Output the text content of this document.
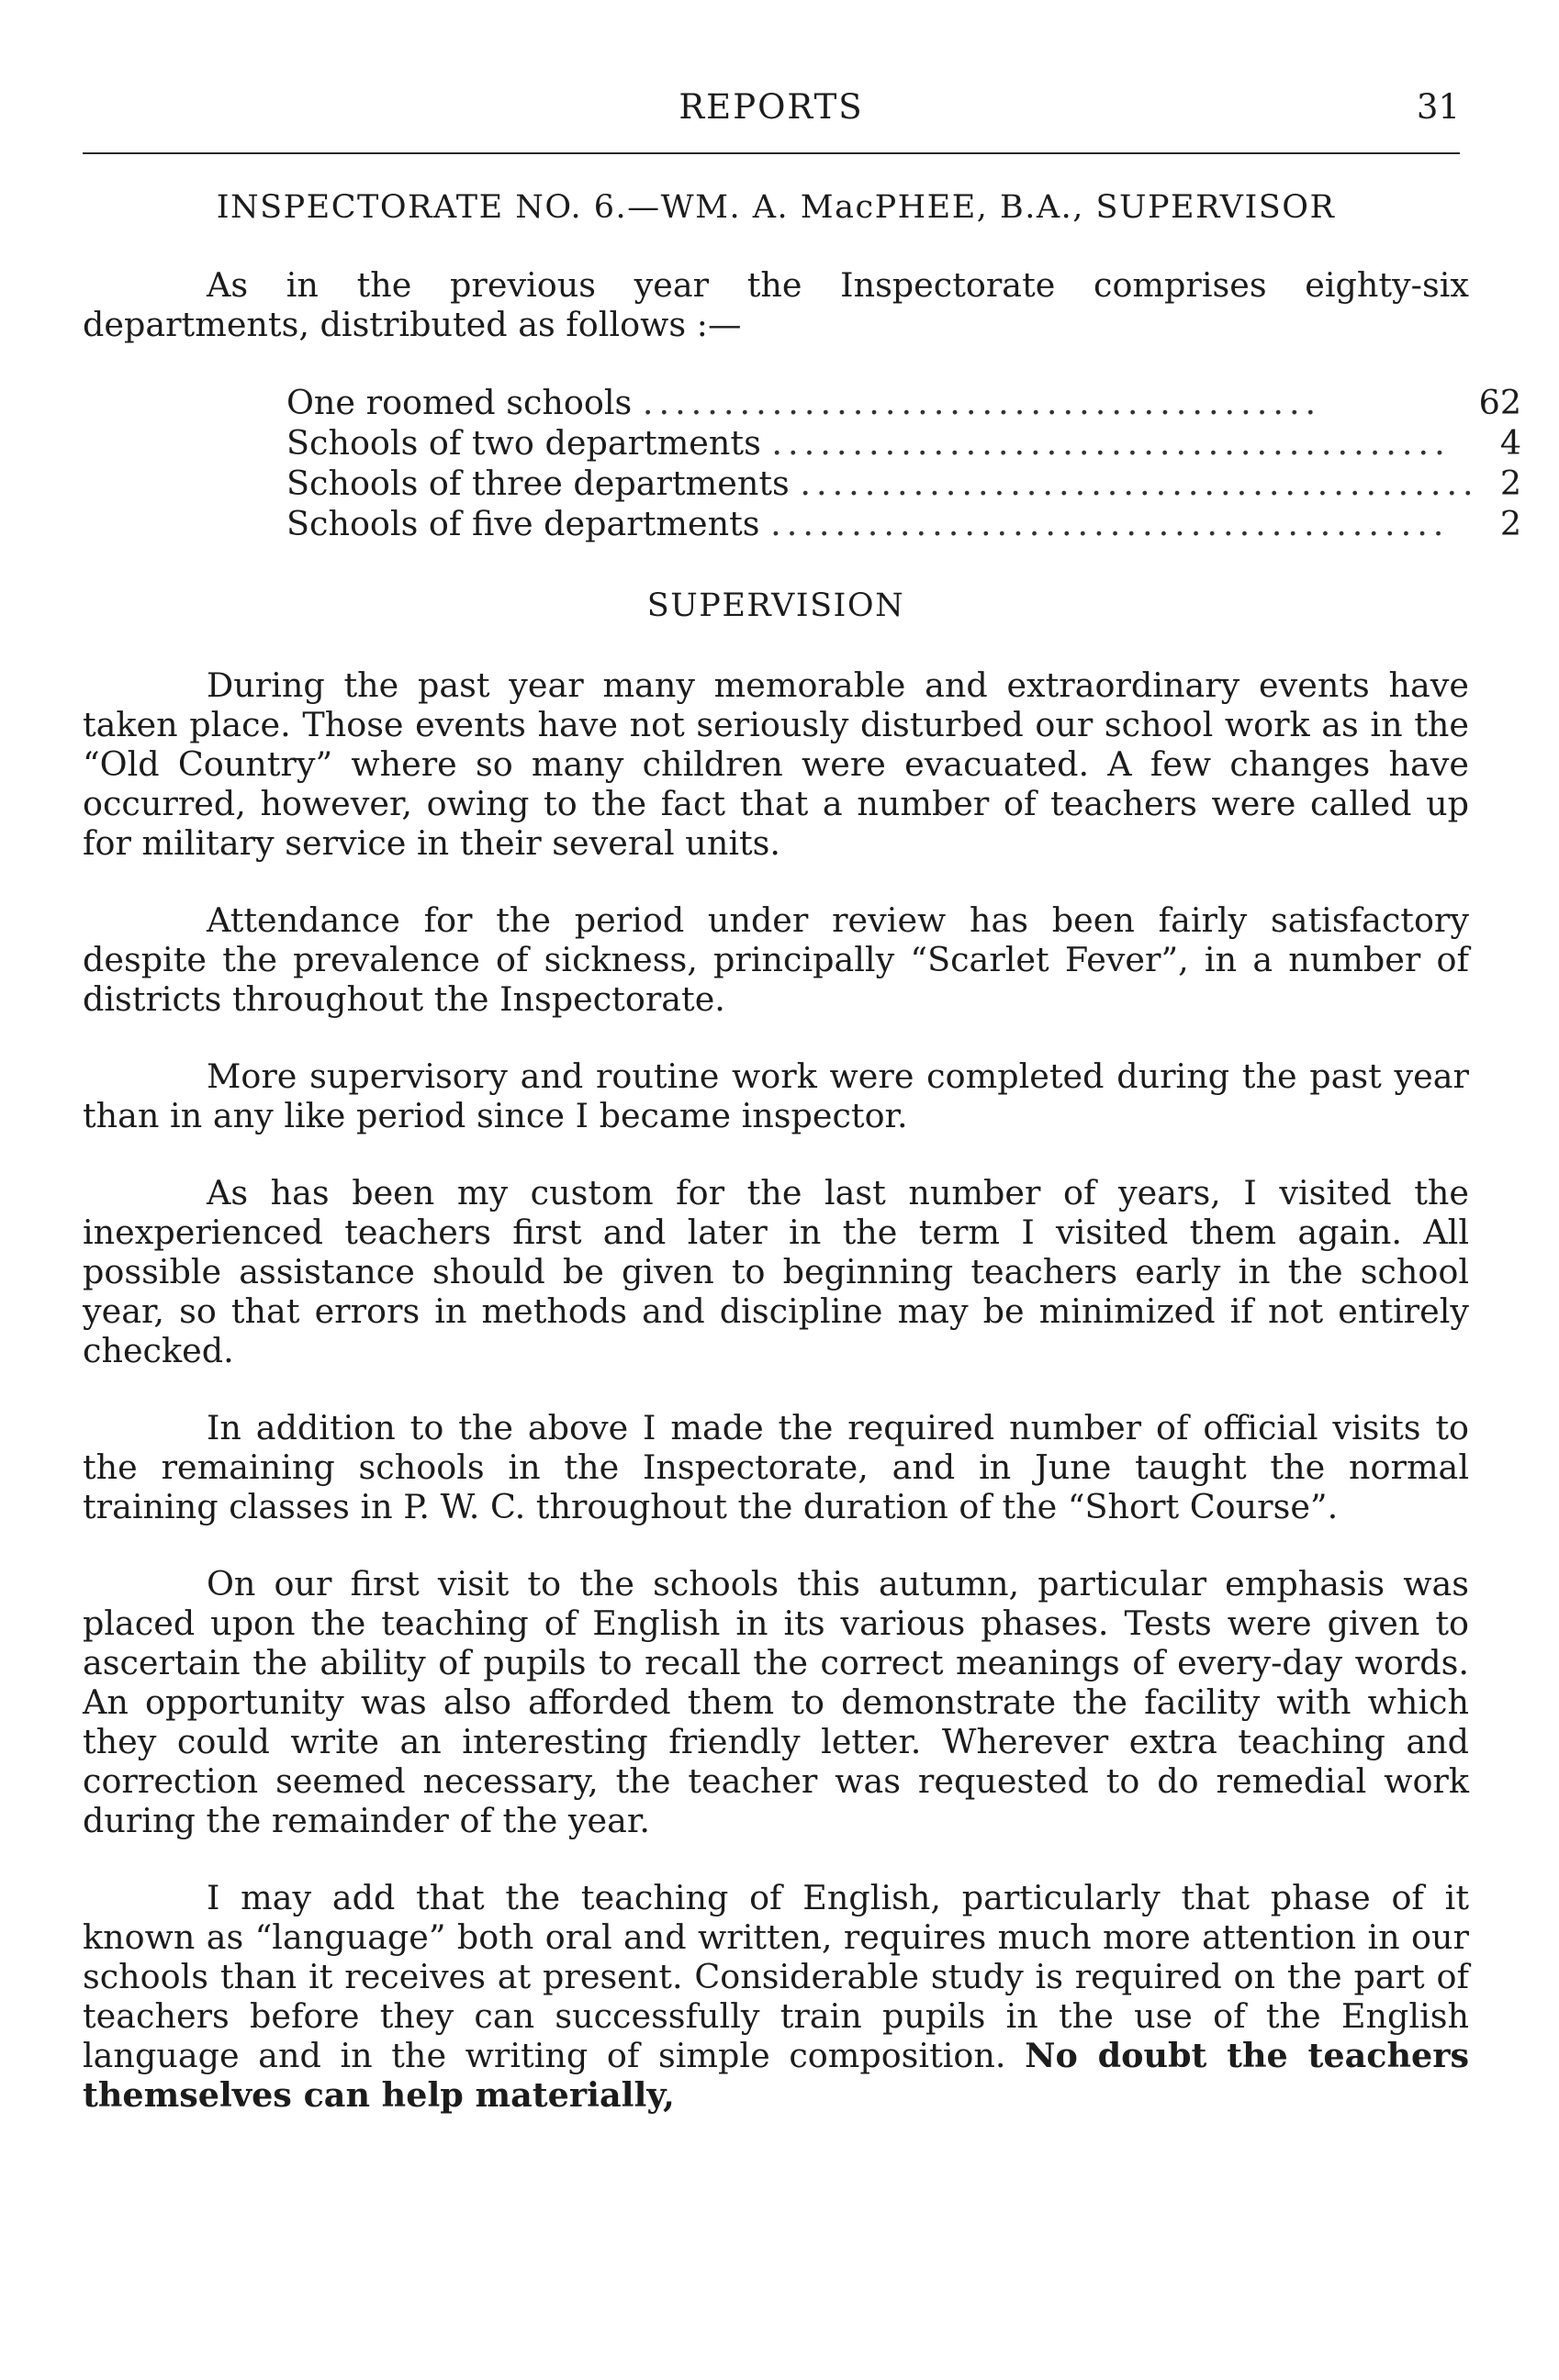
REPORTS	31
INSPECTORATE NO. 6.—WM. A. MacPHEE, B.A., SUPERVISOR

As in the previous year the Inspectorate comprises eighty-six departments, distributed as follows :—

One roomed schools ..........................................	62
Schools of two departments ..........................................	4
Schools of three departments ..........................................	2
Schools of five departments ..........................................	2
SUPERVISION

During the past year many memorable and extraordinary events have taken place. Those events have not seriously disturbed our school work as in the “Old Country” where so many children were evacuated. A few changes have occurred, however, owing to the fact that a number of teachers were called up for military service in their several units.

Attendance for the period under review has been fairly satisfactory despite the prevalence of sickness, principally “Scarlet Fever”, in a number of districts throughout the Inspectorate.

More supervisory and routine work were completed during the past year than in any like period since I became inspector.

As has been my custom for the last number of years, I visited the inexperienced teachers first and later in the term I visited them again. All possible assistance should be given to beginning teachers early in the school year, so that errors in methods and discipline may be minimized if not entirely checked.

In addition to the above I made the required number of official visits to the remaining schools in the Inspectorate, and in June taught the normal training classes in P. W. C. throughout the duration of the “Short Course”.

On our first visit to the schools this autumn, particular emphasis was placed upon the teaching of English in its various phases. Tests were given to ascertain the ability of pupils to recall the correct meanings of every-day words. An opportunity was also afforded them to demonstrate the facility with which they could write an interesting friendly letter. Wherever extra teaching and correction seemed necessary, the teacher was requested to do remedial work during the remainder of the year.

I may add that the teaching of English, particularly that phase of it known as “language” both oral and written, requires much more attention in our schools than it receives at present. Considerable study is required on the part of teachers before they can successfully train pupils in the use of the English language and in the writing of simple composition. No doubt the teachers themselves can help materially,
